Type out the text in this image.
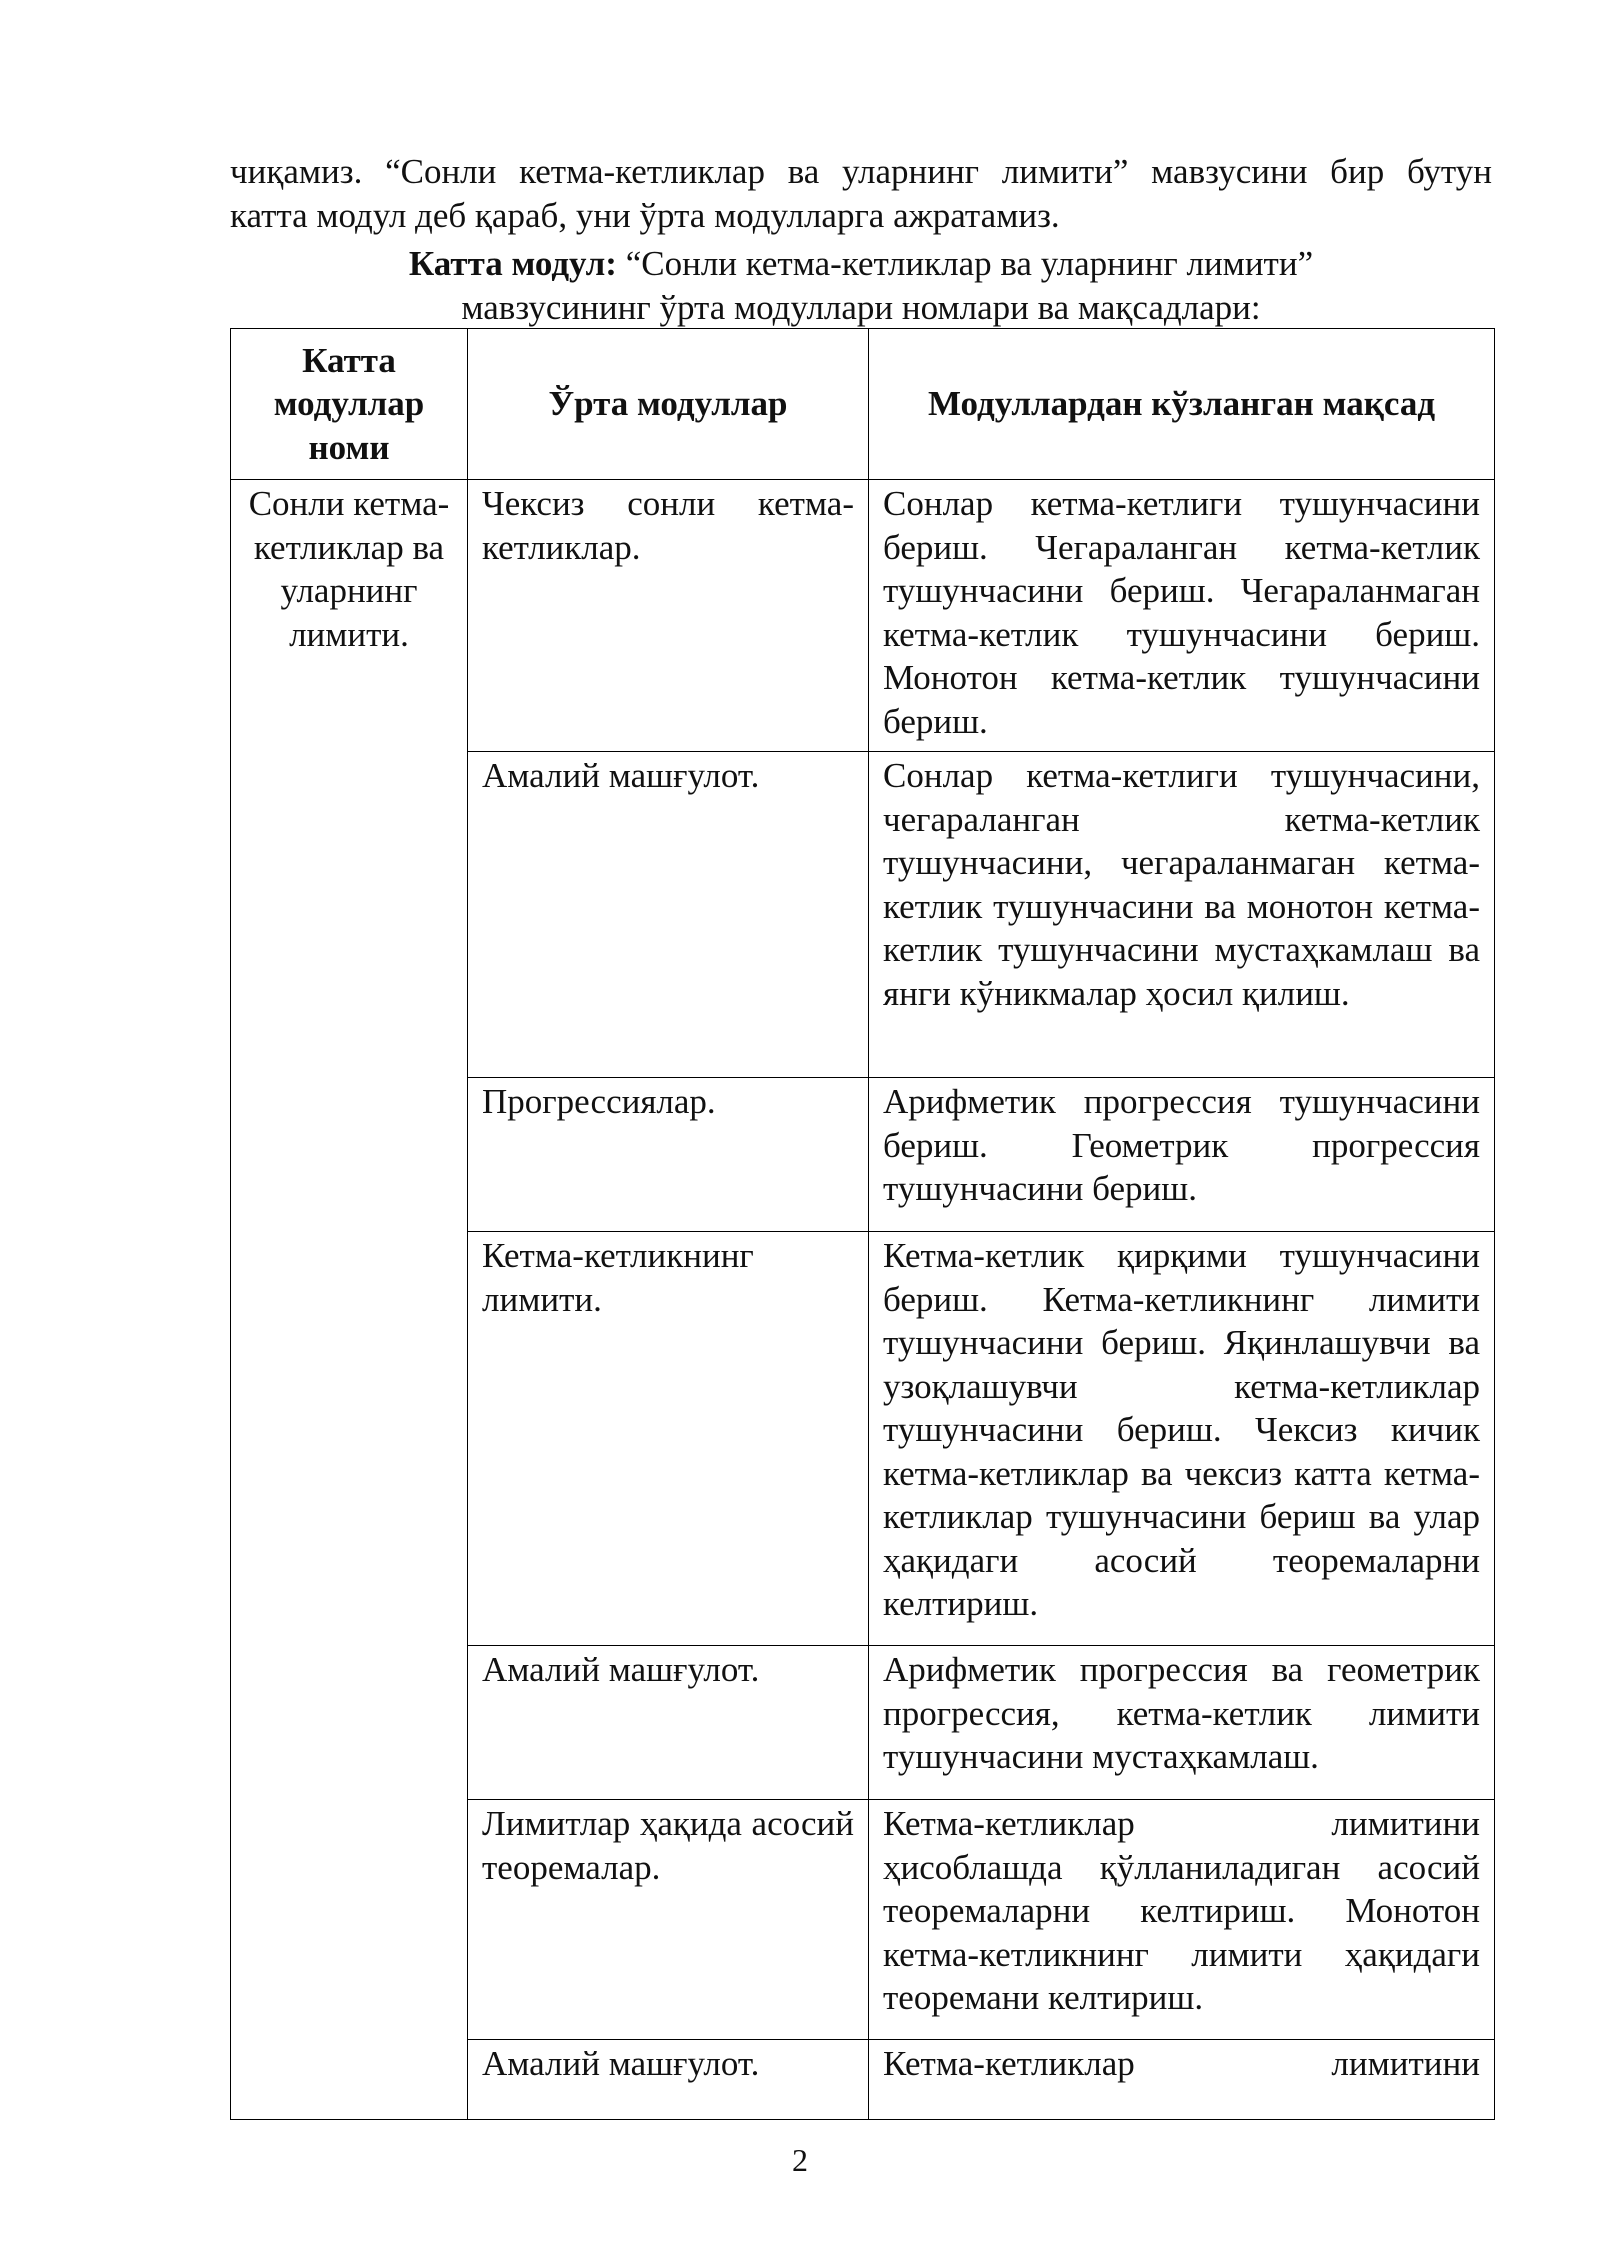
чиқамиз. “Сонли кетма-кетликлар ва уларнинг лимити” мавзусини бир бутун

катта модул деб қараб, уни ўрта модулларга ажратамиз.

Катта модул: “Сонли кетма-кетликлар ва уларнинг лимити”
мавзусининг ўрта модуллари номлари ва мақсадлари:
Катта модуллар номи	Ўрта модуллар	Модуллардан кўзланган мақсад
Сонли кетма-кетликлар ва уларнинг лимити.	Чексиз сонли кетма-кетликлар.	Сонлар кетма-кетлиги тушунчасини бериш. Чегараланган кетма-кетлик тушунчасини бериш. Чегараланмаган кетма-кетлик тушунчасини бериш. Монотон кетма-кетлик тушунчасини бериш.
	Амалий машғулот.	Сонлар кетма-кетлиги тушунчасини, чегараланган кетма-кетлик тушунчасини, чегараланмаган кетма-кетлик тушунчасини ва монотон кетма-кетлик тушунчасини мустаҳкамлаш ва янги кўникмалар ҳосил қилиш.
	Прогрессиялар.	Арифметик прогрессия тушунчасини бериш. Геометрик прогрессия тушунчасини бериш.
	Кетма-кетликнинг лимити.	Кетма-кетлик қирқими тушунчасини бериш. Кетма-кетликнинг лимити тушунчасини бериш. Яқинлашувчи ва узоқлашувчи кетма-кетликлар тушунчасини бериш. Чексиз кичик кетма-кетликлар ва чексиз катта кетма-кетликлар тушунчасини бериш ва улар ҳақидаги асосий теоремаларни келтириш.
	Амалий машғулот.	Арифметик прогрессия ва геометрик прогрессия, кетма-кетлик лимити тушунчасини мустаҳкамлаш.
	Лимитлар ҳақида асосий теоремалар.	Кетма-кетликлар лимитини ҳисоблашда қўлланиладиган асосий теоремаларни келтириш. Монотон кетма-кетликнинг лимити ҳақидаги теоремани келтириш.
	Амалий машғулот.	Кетма-кетликлар лимитини
2
